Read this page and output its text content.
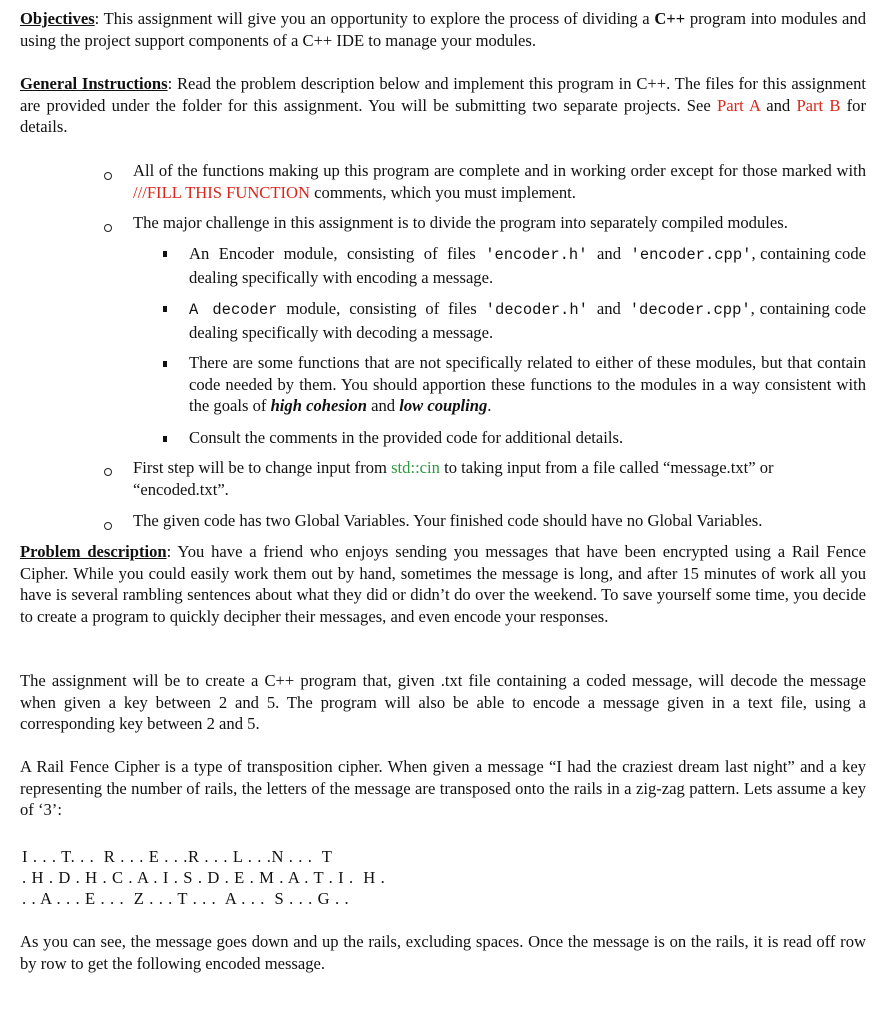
Objectives: This assignment will give you an opportunity to explore the process of dividing a C++ program into modules and using the project support components of a C++ IDE to manage your modules.

General Instructions: Read the problem description below and implement this program in C++. The files for this assignment are provided under the folder for this assignment. You will be submitting two separate projects. See Part A and Part B for details.

All of the functions making up this program are complete and in working order except for those marked with ///FILL THIS FUNCTION comments, which you must implement.

The major challenge in this assignment is to divide the program into separately compiled modules.

An Encoder module, consisting of files 'encoder.h' and 'encoder.cpp', containing code dealing specifically with encoding a message.

A decoder module, consisting of files 'decoder.h' and 'decoder.cpp', containing code dealing specifically with decoding a message.

There are some functions that are not specifically related to either of these modules, but that contain code needed by them. You should apportion these functions to the modules in a way consistent with the goals of high cohesion and low coupling.

Consult the comments in the provided code for additional details.

First step will be to change input from std::cin to taking input from a file called “message.txt” or “encoded.txt”.

The given code has two Global Variables. Your finished code should have no Global Variables.

Problem description: You have a friend who enjoys sending you messages that have been encrypted using a Rail Fence Cipher. While you could easily work them out by hand, sometimes the message is long, and after 15 minutes of work all you have is several rambling sentences about what they did or didn’t do over the weekend. To save yourself some time, you decide to create a program to quickly decipher their messages, and even encode your responses.

The assignment will be to create a C++ program that, given .txt file containing a coded message, will decode the message when given a key between 2 and 5. The program will also be able to encode a message given in a text file, using a corresponding key between 2 and 5.

A Rail Fence Cipher is a type of transposition cipher. When given a message “I had the craziest dream last night” and a key representing the number of rails, the letters of the message are transposed onto the rails in a zig-zag pattern. Lets assume a key of ‘3’:

I . . . T. . .  R . . . E . . .R . . . L . . .N . . .  T

. H . D . H . C . A . I . S . D . E . M . A . T . I .  H .

. . A . . . E . . .  Z . . . T . . .  A . . .  S . . . G . .

As you can see, the message goes down and up the rails, excluding spaces. Once the message is on the rails, it is read off row by row to get the following encoded message.
